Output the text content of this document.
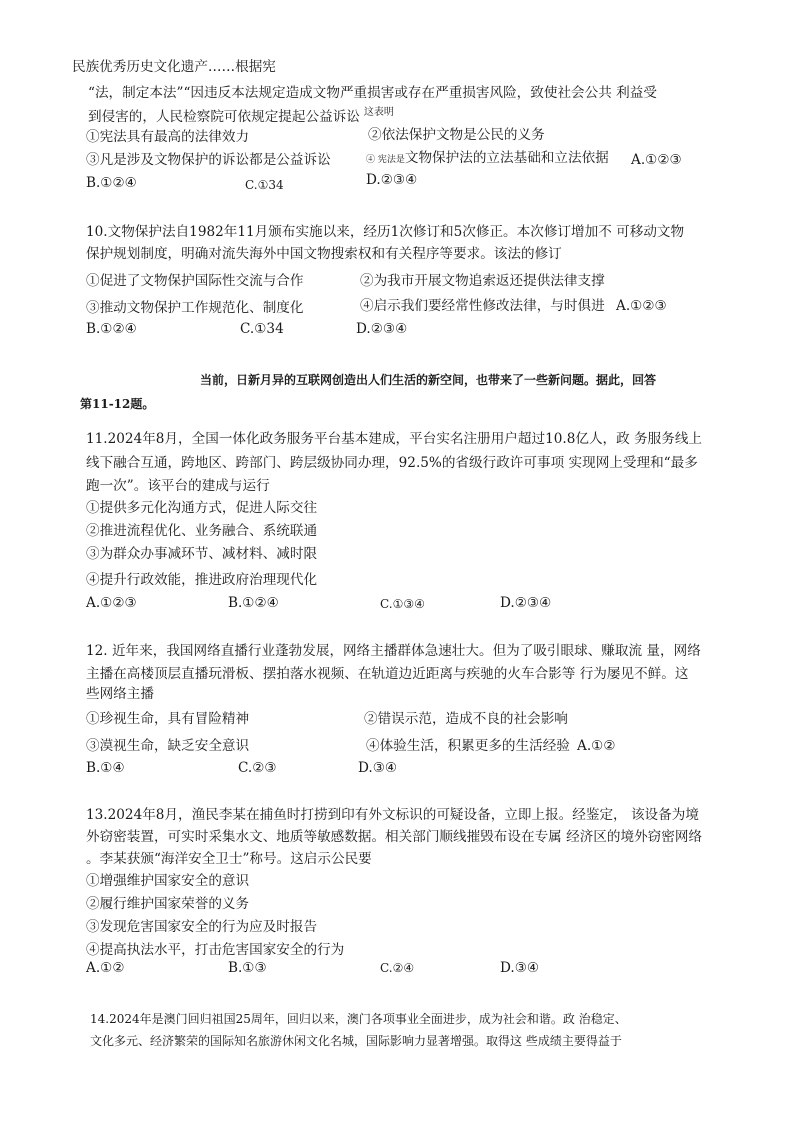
民族优秀历史文化遗产……根据宪
“法，制定本法”“因违反本法规定造成文物严重损害或存在严重损害风险，致使社会公共 利益受
到侵害的，人民检察院可依规定提起公益诉讼 $^{这表明}$
①宪法具有最高的法律效力	②依法保护文物是公民的义务
③凡是涉及文物保护的诉讼都是公益诉讼	④ 宪法是文物保护法的立法基础和立法依据 A.①②③
B.①②④	C.①34	D.②③④
10.文物保护法自1982年11月颁布实施以来，经历1次修订和5次修正。本次修订增加不 可移动文物
保护规划制度，明确对流失海外中国文物搜索权和有关程序等要求。该法的修订
①促进了文物保护国际性交流与合作	②为我市开展文物追索返还提供法律支撑
③推动文物保护工作规范化、制度化	④启示我们要经常性修改法律，与时俱进 A.①②③
B.①②④	C.①34	D.②③④
当前，日新月异的互联网创造出人们生活的新空间，也带来了一些新问题。据此，回答
第11-12题。
11.2024年8月，全国一体化政务服务平台基本建成，平台实名注册用户超过10.8亿人，政 务服务线上
线下融合互通，跨地区、跨部门、跨层级协同办理，92.5%的省级行政许可事项 实现网上受理和“最多
跑一次”。该平台的建成与运行
①提供多元化沟通方式，促进人际交往
②推进流程优化、业务融合、系统联通
③为群众办事减环节、减材料、减时限
④提升行政效能，推进政府治理现代化
A.①②③	B.①②④	C.①③④	D.②③④
12. 近年来，我国网络直播行业蓬勃发展，网络主播群体急速壮大。但为了吸引眼球、赚取流 量，网络
主播在高楼顶层直播玩滑板、摆拍落水视频、在轨道边近距离与疾驰的火车合影等 行为屡见不鲜。这
些网络主播
①珍视生命，具有冒险精神	②错误示范，造成不良的社会影响
③漠视生命，缺乏安全意识	④体验生活，积累更多的生活经验 A.①②
B.①④	C.②③	D.③④
13.2024年8月，渔民李某在捕鱼时打捞到印有外文标识的可疑设备，立即上报。经鉴定， 该设备为境
外窃密装置，可实时采集水文、地质等敏感数据。相关部门顺线摧毁布设在专属 经济区的境外窃密网络
。李某获颁“海洋安全卫士”称号。这启示公民要
①增强维护国家安全的意识
②履行维护国家荣誉的义务
③发现危害国家安全的行为应及时报告
④提高执法水平，打击危害国家安全的行为
A.①②	B.①③	C.②④	D.③④
14.2024年是澳门回归祖国25周年，回归以来，澳门各项事业全面进步，成为社会和谐。政 治稳定、
文化多元、经济繁荣的国际知名旅游休闲文化名城，国际影响力显著增强。取得这 些成绩主要得益于
